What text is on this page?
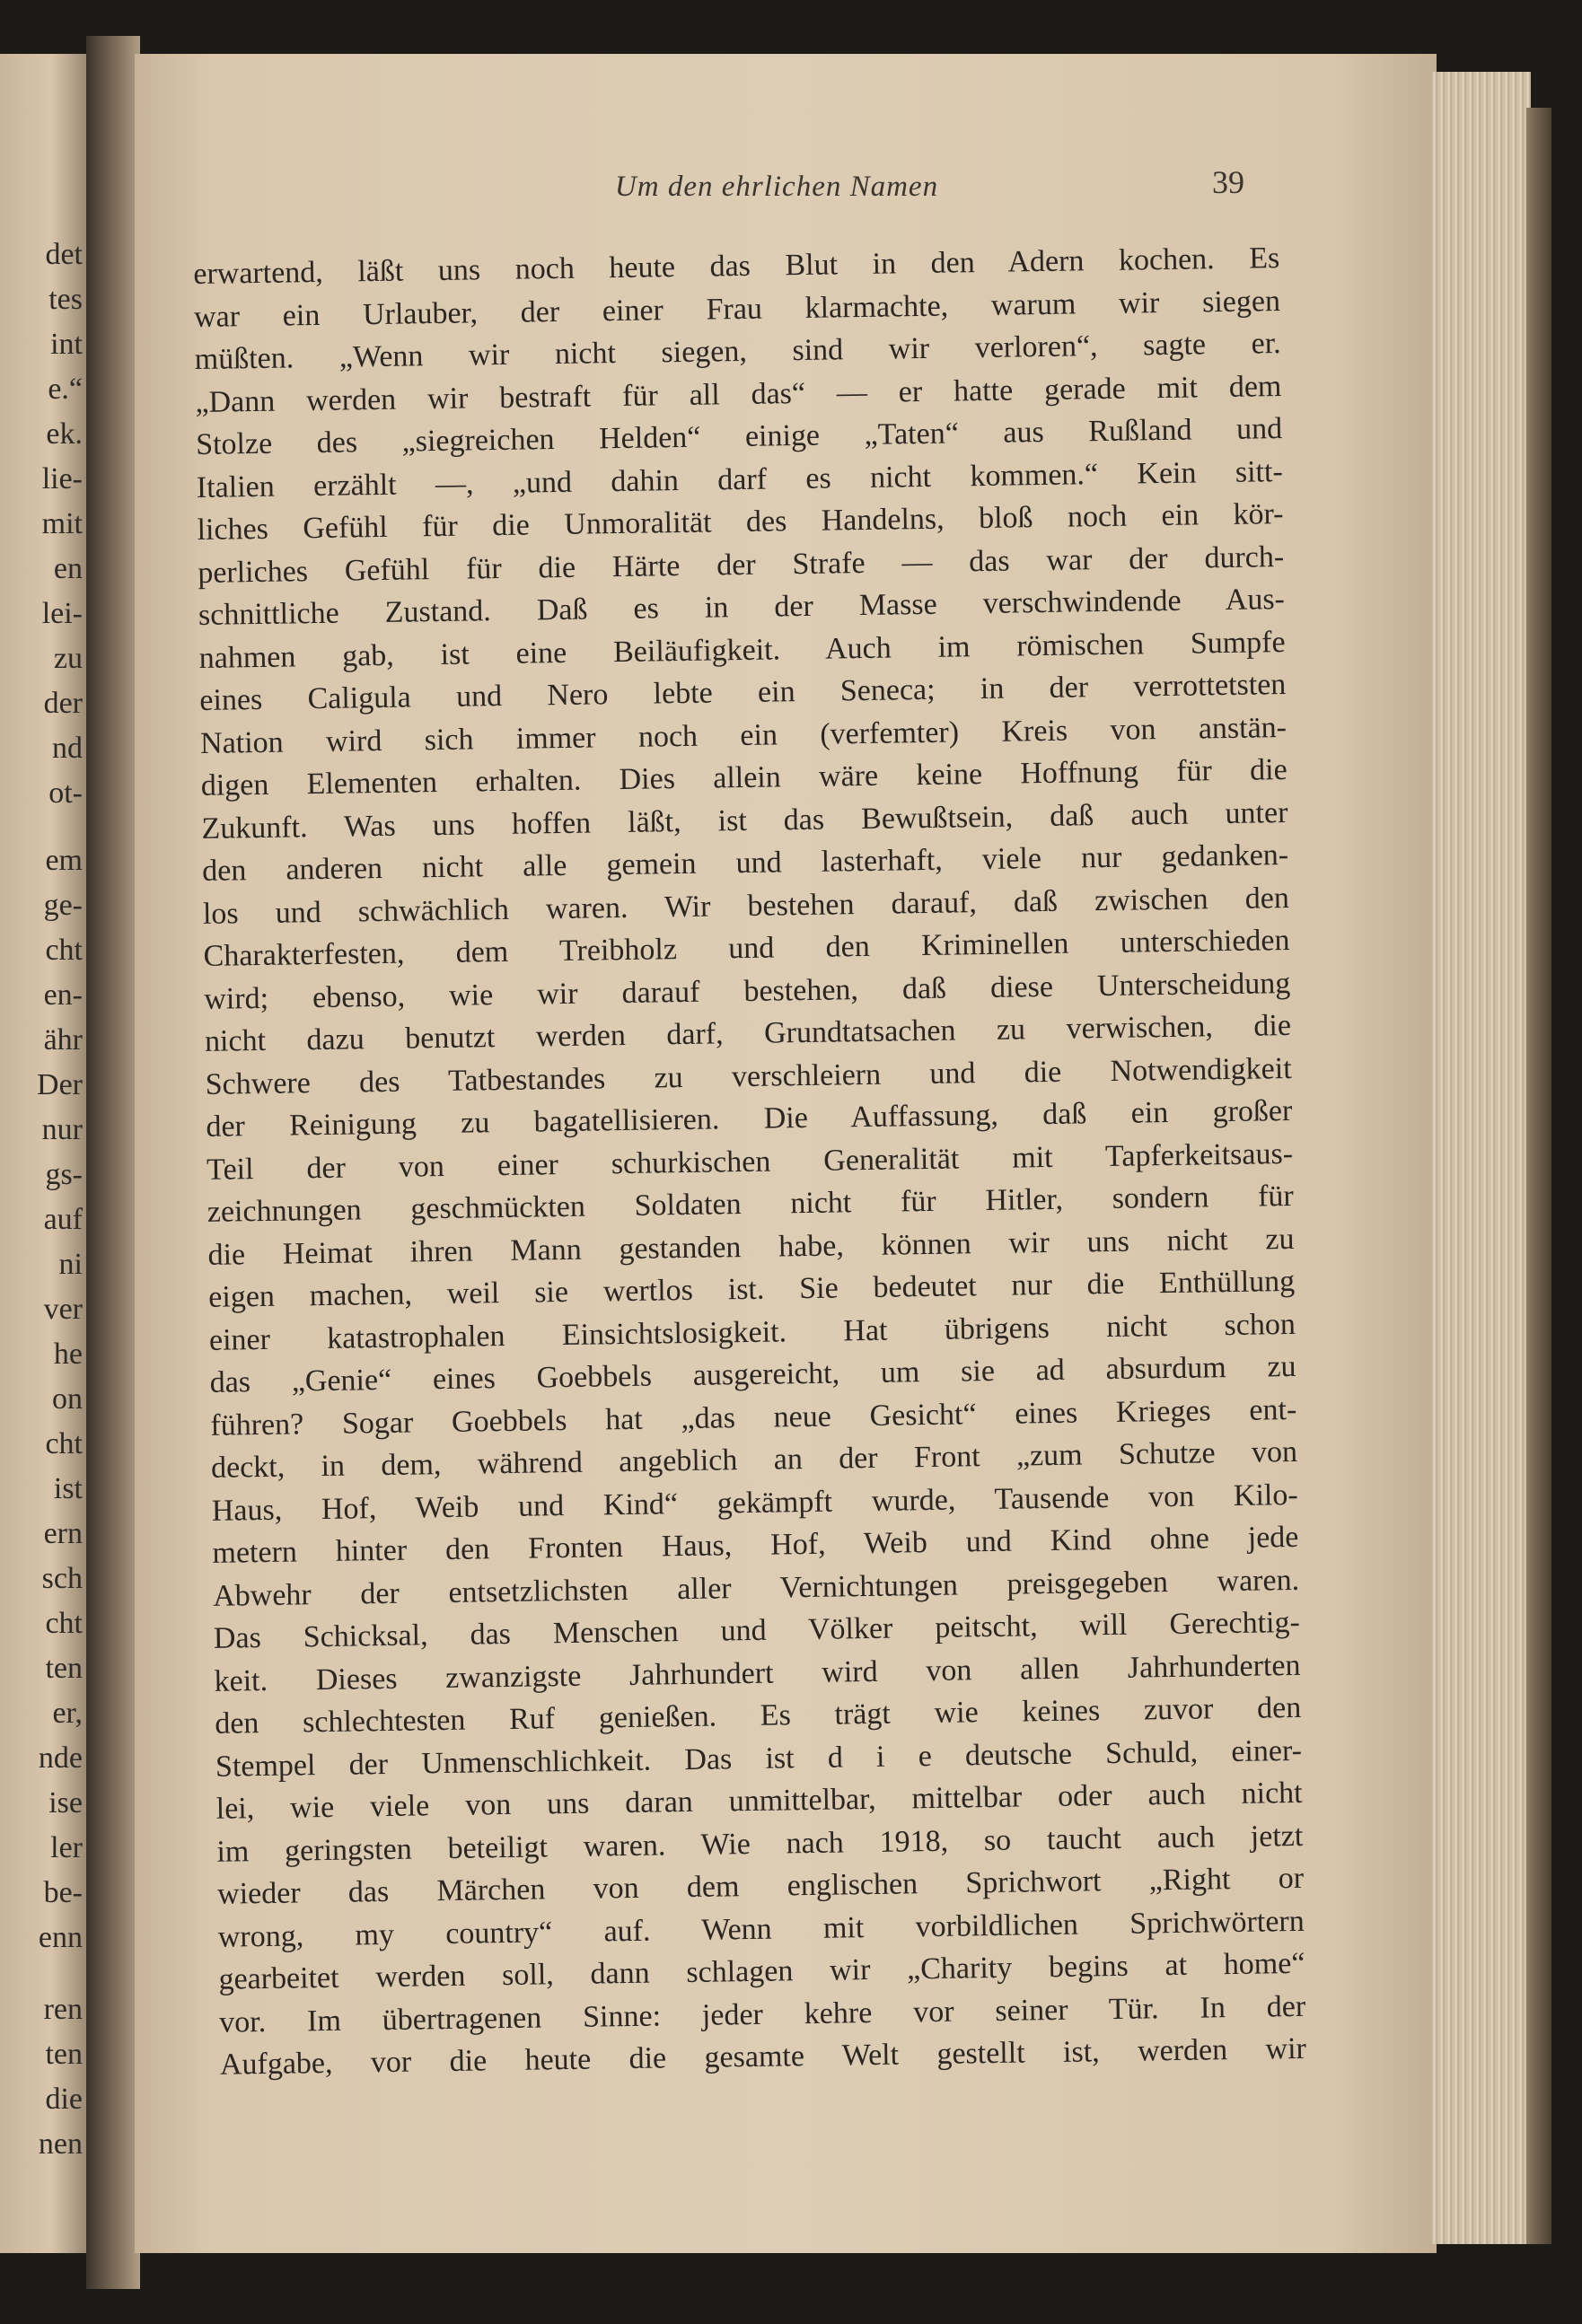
det
tes
int
e.“
ek.
lie-
mit
en
lei-
zu
der
nd
ot-
em
ge-
cht
en-
ähr
Der
nur
gs-
auf
ni
ver
he
on
cht
ist
ern
sch
cht
ten
er,
nde
ise
ler
be-
enn
ren
ten
die
nen
Um den ehrlichen Namen	39
erwartend, läßt uns noch heute das Blut in den Adern kochen. Es
war ein Urlauber, der einer Frau klarmachte, warum wir siegen
müßten. „Wenn wir nicht siegen, sind wir verloren“, sagte er.
„Dann werden wir bestraft für all das“ — er hatte gerade mit dem
Stolze des „siegreichen Helden“ einige „Taten“ aus Rußland und
Italien erzählt —, „und dahin darf es nicht kommen.“ Kein sitt-
liches Gefühl für die Unmoralität des Handelns, bloß noch ein kör-
perliches Gefühl für die Härte der Strafe — das war der durch-
schnittliche Zustand. Daß es in der Masse verschwindende Aus-
nahmen gab, ist eine Beiläufigkeit. Auch im römischen Sumpfe
eines Caligula und Nero lebte ein Seneca; in der verrottetsten
Nation wird sich immer noch ein (verfemter) Kreis von anstän-
digen Elementen erhalten. Dies allein wäre keine Hoffnung für die
Zukunft. Was uns hoffen läßt, ist das Bewußtsein, daß auch unter
den anderen nicht alle gemein und lasterhaft, viele nur gedanken-
los und schwächlich waren. Wir bestehen darauf, daß zwischen den
Charakterfesten, dem Treibholz und den Kriminellen unterschieden
wird; ebenso, wie wir darauf bestehen, daß diese Unterscheidung
nicht dazu benutzt werden darf, Grundtatsachen zu verwischen, die
Schwere des Tatbestandes zu verschleiern und die Notwendigkeit
der Reinigung zu bagatellisieren. Die Auffassung, daß ein großer
Teil der von einer schurkischen Generalität mit Tapferkeitsaus-
zeichnungen geschmückten Soldaten nicht für Hitler, sondern für
die Heimat ihren Mann gestanden habe, können wir uns nicht zu
eigen machen, weil sie wertlos ist. Sie bedeutet nur die Enthüllung
einer katastrophalen Einsichtslosigkeit. Hat übrigens nicht schon
das „Genie“ eines Goebbels ausgereicht, um sie ad absurdum zu
führen? Sogar Goebbels hat „das neue Gesicht“ eines Krieges ent-
deckt, in dem, während angeblich an der Front „zum Schutze von
Haus, Hof, Weib und Kind“ gekämpft wurde, Tausende von Kilo-
metern hinter den Fronten Haus, Hof, Weib und Kind ohne jede
Abwehr der entsetzlichsten aller Vernichtungen preisgegeben waren.
Das Schicksal, das Menschen und Völker peitscht, will Gerechtig-
keit. Dieses zwanzigste Jahrhundert wird von allen Jahrhunderten
den schlechtesten Ruf genießen. Es trägt wie keines zuvor den
Stempel der Unmenschlichkeit. Das ist d i e deutsche Schuld, einer-
lei, wie viele von uns daran unmittelbar, mittelbar oder auch nicht
im geringsten beteiligt waren. Wie nach 1918, so taucht auch jetzt
wieder das Märchen von dem englischen Sprichwort „Right or
wrong, my country“ auf. Wenn mit vorbildlichen Sprichwörtern
gearbeitet werden soll, dann schlagen wir „Charity begins at home“
vor. Im übertragenen Sinne: jeder kehre vor seiner Tür. In der
Aufgabe, vor die heute die gesamte Welt gestellt ist, werden wir
